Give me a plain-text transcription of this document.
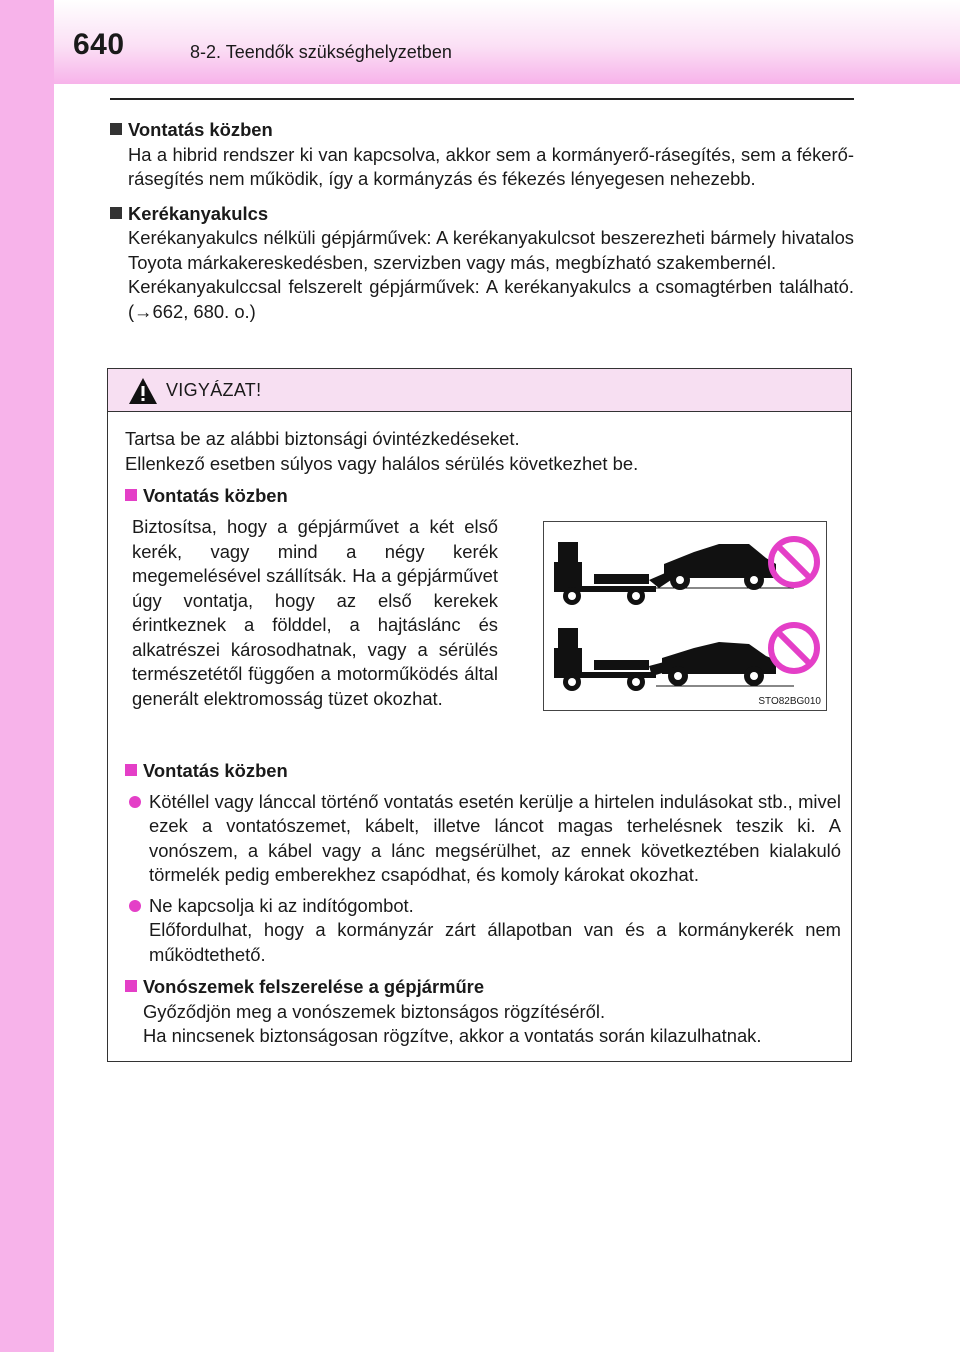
640	8-2. Teendők szükséghelyzetben
Vontatás közben
Ha a hibrid rendszer ki van kapcsolva, akkor sem a kormányerő-rásegítés, sem a fékerő-rásegítés nem működik, így a kormányzás és fékezés lényegesen nehezebb.
Kerékanyakulcs
Kerékanyakulcs nélküli gépjárművek: A kerékanyakulcsot beszerezheti bármely hivatalos Toyota márkakereskedésben, szervizben vagy más, megbízható szakembernél.
Kerékanyakulccsal felszerelt gépjárművek: A kerékanyakulcs a csomagtérben található. (→662, 680. o.)
VIGYÁZAT!
Tartsa be az alábbi biztonsági óvintézkedéseket.
Ellenkező esetben súlyos vagy halálos sérülés következhet be.
Vontatás közben
Biztosítsa, hogy a gépjárművet a két első kerék, vagy mind a négy kerék megemelésével szállítsák. Ha a gépjárművet úgy vontatja, hogy az első kerekek érintkeznek a földdel, a hajtáslánc és alkatrészei károsodhatnak, vagy a sérülés természetétől függően a motorműködés által generált elektromosság tüzet okozhat.	STO82BG010
Vontatás közben
Kötéllel vagy lánccal történő vontatás esetén kerülje a hirtelen indulásokat stb., mivel ezek a vontatószemet, kábelt, illetve láncot magas terhelésnek teszik ki. A vonószem, a kábel vagy a lánc megsérülhet, az ennek következtében kialakuló törmelék pedig emberekhez csapódhat, és komoly károkat okozhat.
Ne kapcsolja ki az indítógombot.
Előfordulhat, hogy a kormányzár zárt állapotban van és a kormánykerék nem működtethető.
Vonószemek felszerelése a gépjárműre
Győződjön meg a vonószemek biztonságos rögzítéséről.
Ha nincsenek biztonságosan rögzítve, akkor a vontatás során kilazulhatnak.
